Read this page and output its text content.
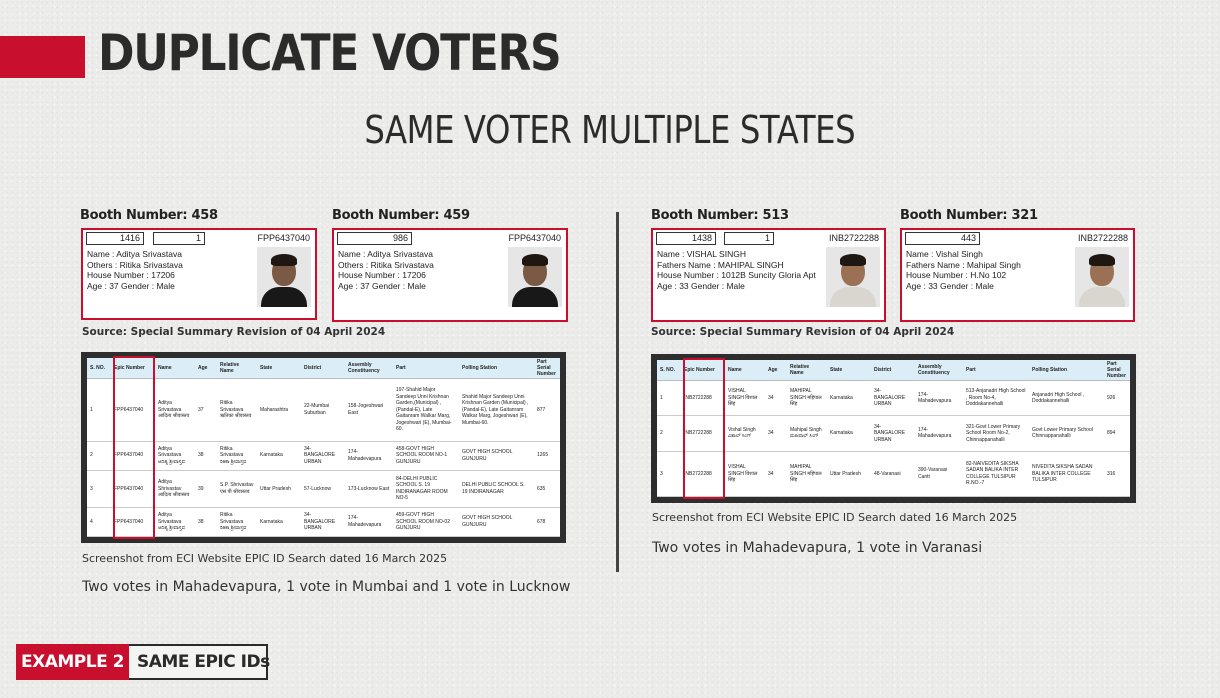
DUPLICATE VOTERS
SAME VOTER MULTIPLE STATES
Booth Number: 458	Booth Number: 459
1416	1	FPP6437040
Name : Aditya Srivastava
Others : Ritika Srivastava
House Number : 17206
Age : 37 Gender : Male
986	FPP6437040
Name : Aditya Srivastava
Others : Ritika Srivastava
House Number : 17206
Age : 37 Gender : Male
Source: Special Summary Revision of 04 April 2024
S. NO.	Epic Number	Name	Age	Relative Name	State	District	Assembly Constituency	Part	Polling Station	Part Serial Number
1	FPP6437040	Aditya Srivastava आदित्य श्रीवास्तव	37	Ritika Srivastava ऋतिका श्रीवास्तव	Maharashtra	22-Mumbai Suburban	158-Jogeshwari East	197-Shahid Major Sandeep Unni Krishnan Garden,(Municipal) ,(Pandal-E), Late Gaitanram Walkar Marg, Jogeshwari (E), Mumbai-60.	Shahid Major Sandeep Unni Krishnan Garden (Municipal) ,(Pandal-E), Late Gaitanram Walkar Marg, Jogeshwari (E), Mumbai-60.	877
2	FPP6437040	Aditya Srivastava ಆದಿತ್ಯ ಶ್ರೀವಾಸ್ತವ	38	Ritika Srivastava ರಿತಿಕಾ ಶ್ರೀವಾಸ್ತವ	Karnataka	34-BANGALORE URBAN	174-Mahadevapura	458-GOVT HIGH SCHOOL ROOM NO-1 GUNJURU	GOVT HIGH SCHOOL GUNJURU	1265
3	FPP6437040	Aditya Shrivastav आदित्य श्रीवास्तव	39	S.P. Shrivastav एस पी श्रीवास्तव	Uttar Pradesh	57-Lucknow	173-Lucknow East	84-DELHI PUBLIC SCHOOL S. 19 INDIRANAGAR ROOM NO-5	DELHI PUBLIC SCHOOL S. 19 INDIRANAGAR	635
4	FPP6437040	Aditya Srivastava ಆದಿತ್ಯ ಶ್ರೀವಾಸ್ತವ	38	Ritika Srivastava ರಿತಿಕಾ ಶ್ರೀವಾಸ್ತವ	Karnataka	34-BANGALORE URBAN	174-Mahadevapura	459-GOVT HIGH SCHOOL ROOM NO-02 GUNJURU	GOVT HIGH SCHOOL GUNJURU	678
Screenshot from ECI Website EPIC ID Search dated 16 March 2025
Two votes in Mahadevapura, 1 vote in Mumbai and 1 vote in Lucknow
Booth Number: 513	Booth Number: 321
1438	1	INB2722288
Name : VISHAL SINGH
Fathers Name : MAHIPAL SINGH
House Number : 1012B Suncity Gloria Apt
Age : 33 Gender : Male
443	INB2722288
Name : Vishal Singh
Fathers Name : Mahipal Singh
House Number : H.No 102
Age : 33 Gender : Male
Source: Special Summary Revision of 04 April 2024
S. NO.	Epic Number	Name	Age	Relative Name	State	District	Assembly Constituency	Part	Polling Station	Part Serial Number
1	INB2722288	VISHAL SINGH विशाल सिंह	34	MAHIPAL SINGH महिपाल सिंह	Karnataka	34-BANGALORE URBAN	174-Mahadevapura	513-Anjanadri High School , Room No-4, Doddakannehalli	Anjanadri High School , Doddakannehalli	926
2	INB2722288	Vishal Singh ವಿಶಾಲ್ ಸಿಂಗ್	34	Mahipal Singh ಮಹಿಪಾಲ್ ಸಿಂಗ್	Karnataka	34-BANGALORE URBAN	174-Mahadevapura	321-Govt Lower Primary School Room No-2, Chinnappanahalli	Govt Lower Primary School Chinnappanahalli	894
3	INB2722288	VISHAL SINGH विशाल सिंह	34	MAHIPAL SINGH महिपाल सिंह	Uttar Pradesh	48-Varanasi	390-Varanasi Cantt	82-NAIVEDITA SIKSHA SADAN BALIKA INTER COLLEGE TULSIPUR R.NO.-7	NIVEDITA SIKSHA SADAN BALIKA INTER COLLEGE TULSIPUR	316
Screenshot from ECI Website EPIC ID Search dated 16 March 2025
Two votes in Mahadevapura, 1 vote in Varanasi
EXAMPLE 2 SAME EPIC IDs
